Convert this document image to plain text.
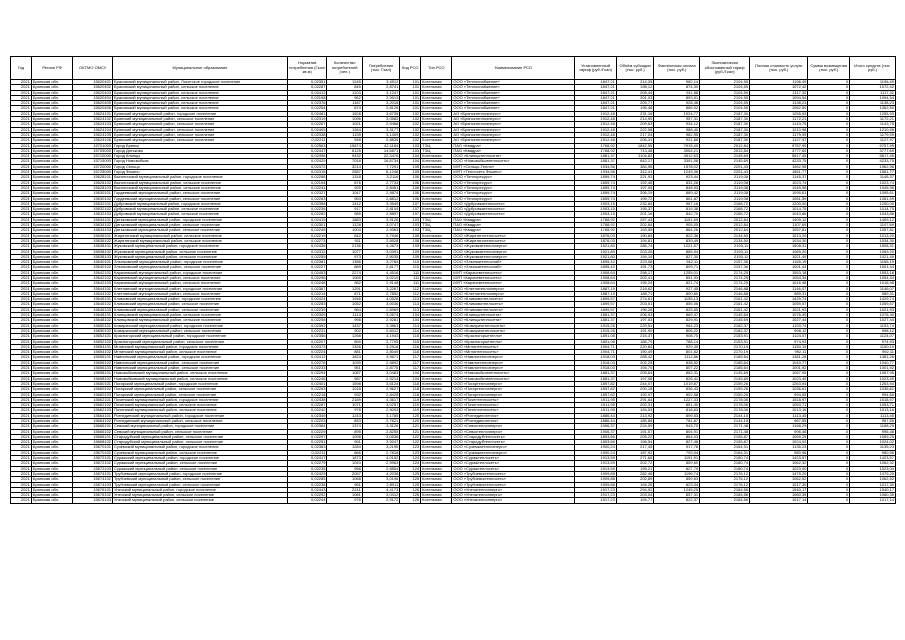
Год	Регион РФ	ОКТМО ОМСУ	Муниципальное образование	Норматив потребления (Гкал/кв.м)	Количество потребителей (чел.)	Потребление (тыс. Гкал)	Код РСО	Тип РСО	Наименование РСО	Установленный тариф (руб./Гкал)	Объём субсидии (тыс. руб.)	Фактическая оплата (тыс. руб.)	Экономически обоснованный тариф (руб./Гкал)	Полная стоимость услуги (тыс. руб.)	Сумма возмещения (тыс. руб.)	Итого средств (тыс. руб.)
2021	Брянская обл.	15620401	Брасовский муниципальный район, Локотское городское поселение	0,02351	1245	3,4512	101	Котельная	ООО «Теплоснабжение»	1847,21	214,35	982,14	2104,55	1196,49	0	1196,49
2021	Брянская обл.	15620402	Брасовский муниципальный район, сельское поселение	0,02287	845	2,8741	101	Котельная	ООО «Теплоснабжение»	1847,21	198,12	874,30	2104,55	1072,42	0	1072,42
2021	Брянская обл.	15620403	Брасовский муниципальный район, сельское поселение	0,02412	1103	3,1247	101	Котельная	ООО «Теплоснабжение»	1847,21	205,44	911,88	2104,55	1117,32	0	1117,32
2021	Брянская обл.	15620404	Брасовский муниципальный район, сельское поселение	0,02198	962	2,9913	101	Котельная	ООО «Теплоснабжение»	1847,21	201,03	893,51	2104,55	1094,54	0	1094,54
2021	Брянская обл.	15620405	Брасовский муниципальный район, сельское поселение	0,02376	1187	3,2018	101	Котельная	ООО «Теплоснабжение»	1847,21	209,77	928,46	2104,55	1138,23	0	1138,23
2021	Брянская обл.	15620406	Брасовский муниципальный район, сельское поселение	0,02254	874	2,8126	101	Котельная	ООО «Теплоснабжение»	1847,21	196,48	866,02	2104,55	1062,50	0	1062,50
2021	Брянская обл.	15624101	Брянский муниципальный район, городское поселение	0,02481	1528	3,6735	102	Котельная	АО «Брянсктеплоэнерго»	1912,48	231,16	1024,77	2187,30	1255,93	0	1255,93
2021	Брянская обл.	15624102	Брянский муниципальный район, сельское поселение	0,02319	1096	3,0582	102	Котельная	АО «Брянсктеплоэнерго»	1912,48	214,90	957,31	2187,30	1172,21	0	1172,21
2021	Брянская обл.	15624103	Брянский муниципальный район, сельское поселение	0,02267	1021	2,9468	102	Котельная	АО «Брянсктеплоэнерго»	1912,48	209,63	934,12	2187,30	1143,75	0	1143,75
2021	Брянская обл.	15624104	Брянский муниципальный район, сельское поселение	0,02405	1264	3,3177	102	Котельная	АО «Брянсктеплоэнерго»	1912,48	222,58	988,40	2187,30	1210,98	0	1210,98
2021	Брянская обл.	15624105	Брянский муниципальный район, сельское поселение	0,02338	1139	3,1409	102	Котельная	АО «Брянсктеплоэнерго»	1912,48	217,04	962,95	2187,30	1179,99	0	1179,99
2021	Брянская обл.	15624106	Брянский муниципальный район, сельское поселение	0,02211	948	2,8835	102	Котельная	АО «Брянсктеплоэнерго»	1912,48	206,31	921,66	2187,30	1127,97	0	1127,97
2021	Брянская обл.	15701000	Город Брянск	0,02563	15874	42,1184	103	ТЭЦ	ПАО «Квадра»	1768,92	1842,55	7915,40	2012,84	9757,95	0	9757,95
2021	Брянская обл.	15705000	Город Дятьково	0,02447	6125	14,5871	103	ТЭЦ	ПАО «Квадра»	1768,92	713,48	3064,21	2012,84	3777,69	0	3777,69
2021	Брянская обл.	15710000	Город Клинцы	0,02496	9432	22,3476	104	Котельная	ООО «Клинцытеплосети»	1881,37	1104,82	4512,63	2145,69	5617,45	0	5617,45
2021	Брянская обл.	15715000	Город Новозыбков	0,02429	7018	16,8734	104	Котельная	ООО «Новозыбковтеплосеть»	1881,37	842,17	3391,58	2145,69	4233,75	0	4233,75
2021	Брянская обл.	15720000	Город Сельцо	0,02372	3214	7,7291	105	Котельная	МУП «Сельцо-Тепло»	1934,56	384,96	1578,02	2201,43	1962,98	0	1962,98
2021	Брянская обл.	15725000	Город Фокино	0,02315	2587	6,1248	105	Котельная	МУП «Теплосеть Фокино»	1934,56	312,41	1249,36	2201,43	1561,77	0	1561,77
2021	Брянская обл.	15628101	Выгоничский муниципальный район, городское поселение	0,02288	1318	3,2116	106	Котельная	ООО «Теплоресурс»	1859,74	221,93	923,44	2119,08	1145,37	0	1145,37
2021	Брянская обл.	15628102	Выгоничский муниципальный район, сельское поселение	0,02194	876	2,7733	106	Котельная	ООО «Теплоресурс»	1859,74	192,48	831,26	2119,08	1023,74	0	1023,74
2021	Брянская обл.	15628103	Выгоничский муниципальный район, сельское поселение	0,02241	925	2,8451	106	Котельная	ООО «Теплоресурс»	1859,74	197,05	848,93	2119,08	1045,98	0	1045,98
2021	Брянская обл.	15630101	Гордеевский муниципальный район, сельское поселение	0,02327	1047	2,9874	106	Котельная	ООО «Теплоресурс»	1859,74	206,19	889,42	2119,08	1095,61	0	1095,61
2021	Брянская обл.	15630102	Гордеевский муниципальный район, сельское поселение	0,02263	963	2,8812	106	Котельная	ООО «Теплоресурс»	1859,74	199,72	861,87	2119,08	1061,59	0	1061,59
2021	Брянская обл.	15632101	Дубровский муниципальный район, городское поселение	0,02398	1412	3,3549	107	Котельная	ООО «Дубровкатеплосеть»	1903,15	232,84	967,16	2168,72	1200,00	0	1200,00
2021	Брянская обл.	15632102	Дубровский муниципальный район, сельское поселение	0,02236	917	2,8104	107	Котельная	ООО «Дубровкатеплосеть»	1903,15	195,37	819,38	2168,72	1014,75	0	1014,75
2021	Брянская обл.	15632103	Дубровский муниципальный район, сельское поселение	0,02282	985	2,8897	107	Котельная	ООО «Дубровкатеплосеть»	1903,15	201,16	842,70	2168,72	1043,86	0	1043,86
2021	Брянская обл.	15634101	Дятьковский муниципальный район, городское поселение	0,02419	1883	3,9126	103	ТЭЦ	ПАО «Квадра»	1768,92	257,43	1151,69	2012,84	1409,12	0	1409,12
2021	Брянская обл.	15634102	Дятьковский муниципальный район, сельское поселение	0,02301	1128	3,0747	103	ТЭЦ	ПАО «Квадра»	1768,92	202,64	905,05	2012,84	1107,69	0	1107,69
2021	Брянская обл.	15634103	Дятьковский муниципальный район, сельское поселение	0,02245	1004	2,9363	103	ТЭЦ	ПАО «Квадра»	1768,92	193,55	864,26	2012,84	1057,81	0	1057,81
2021	Брянская обл.	15636101	Жирятинский муниципальный район, сельское поселение	0,02219	842	2,7946	108	Котельная	ООО «Жирятинотеплосеть»	1876,03	190,84	822,36	2134,50	1013,20	0	1013,20
2021	Брянская обл.	15636102	Жирятинский муниципальный район, сельское поселение	0,02273	911	2,8528	108	Котельная	ООО «Жирятинотеплосеть»	1876,03	194,81	839,49	2134,50	1034,30	0	1034,30
2021	Брянская обл.	15638101	Жуковский муниципальный район, городское поселение	0,02436	2136	4,2873	109	Котельная	ООО «Жуковкатеплоэнерго»	1921,80	286,74	1221,57	2193,11	1508,31	0	1508,31
2021	Брянская обл.	15638102	Жуковский муниципальный район, сельское поселение	0,02312	1077	3,0391	109	Котельная	ООО «Жуковкатеплоэнерго»	1921,80	203,26	865,94	2193,11	1069,20	0	1069,20
2021	Брянская обл.	15638103	Жуковский муниципальный район, сельское поселение	0,02259	973	2,9035	109	Котельная	ООО «Жуковкатеплоэнерго»	1921,80	194,19	827,30	2193,11	1021,49	0	1021,49
2021	Брянская обл.	15640101	Злынковский муниципальный район, городское поселение	0,02381	1356	3,2784	110	Котельная	ООО «Злынкатеплоснаб»	1895,42	223,08	942,11	2157,36	1165,19	0	1165,19
2021	Брянская обл.	15640102	Злынковский муниципальный район, сельское поселение	0,02227	889	2,8177	110	Котельная	ООО «Злынкатеплоснаб»	1895,42	191,73	809,71	2157,36	1001,44	0	1001,44
2021	Брянская обл.	15642101	Карачевский муниципальный район, городское поселение	0,02453	2274	4,4516	111	Котельная	МУП «Карачевтеплосеть»	1908,64	298,17	1255,01	2174,25	1553,18	0	1553,18
2021	Брянская обл.	15642102	Карачевский муниципальный район, сельское поселение	0,02296	1065	3,0219	111	Котельная	МУП «Карачевтеплосеть»	1908,64	202,41	851,93	2174,25	1054,34	0	1054,34
2021	Брянская обл.	15642103	Карачевский муниципальный район, сельское поселение	0,02248	982	2,9148	111	Котельная	МУП «Карачевтеплосеть»	1908,64	195,24	821,74	2174,25	1016,98	0	1016,98
2021	Брянская обл.	15644101	Клетнянский муниципальный район, городское поселение	0,02367	1291	3,2267	112	Котельная	ООО «Клетнятеплоэнерго»	1887,19	218,62	927,45	2146,88	1146,07	0	1146,07
2021	Брянская обл.	15644102	Клетнянский муниципальный район, сельское поселение	0,02214	871	2,7852	112	Котельная	ООО «Клетнятеплоэнерго»	1887,19	188,71	800,60	2146,88	989,31	0	989,31
2021	Брянская обл.	15646101	Климовский муниципальный район, городское поселение	0,02424	1946	4,0528	113	Котельная	ООО «Климовотеплосеть»	1899,57	274,61	1155,13	2161,42	1429,74	0	1429,74
2021	Брянская обл.	15646102	Климовский муниципальный район, сельское поселение	0,02283	1052	3,0036	113	Котельная	ООО «Климовотеплосеть»	1899,57	203,51	856,06	2161,42	1059,57	0	1059,57
2021	Брянская обл.	15646103	Климовский муниципальный район, сельское поселение	0,02239	964	2,8969	113	Котельная	ООО «Климовотеплосеть»	1899,57	196,28	825,65	2161,42	1021,93	0	1021,93
2021	Брянская обл.	15648101	Клинцовский муниципальный район, сельское поселение	0,02305	1114	3,0674	104	Котельная	ООО «Клинцытеплосети»	1881,37	206,93	869,37	2145,69	1076,30	0	1076,30
2021	Брянская обл.	15648102	Клинцовский муниципальный район, сельское поселение	0,02258	998	2,9281	104	Котельная	ООО «Клинцытеплосети»	1881,37	197,53	829,91	2145,69	1027,44	0	1027,44
2021	Брянская обл.	15650101	Комаричский муниципальный район, городское поселение	0,02392	1437	3,3861	114	Котельная	ООО «Комаричитеплосеть»	1915,26	229,51	964,23	2182,37	1193,74	0	1193,74
2021	Брянская обл.	15650102	Комаричский муниципальный район, сельское поселение	0,02231	902	2,8312	114	Котельная	ООО «Комаричитеплосеть»	1915,26	191,90	806,22	2182,37	998,12	0	998,12
2021	Брянская обл.	15652101	Красногорский муниципальный район, городское поселение	0,02356	1268	3,1943	115	Котельная	ООО «Красногорьетепло»	1891,08	215,37	908,70	2153,91	1124,07	0	1124,07
2021	Брянская обл.	15652102	Красногорский муниципальный район, сельское поселение	0,02207	859	2,7705	115	Котельная	ООО «Красногорьетепло»	1891,08	186,79	788,14	2153,91	974,93	0	974,93
2021	Брянская обл.	15654101	Мглинский муниципальный район, городское поселение	0,02373	1326	3,2518	116	Котельная	ООО «Мглинтеплосеть»	1904,71	220,84	929,35	2170,19	1150,19	0	1150,19
2021	Брянская обл.	15654102	Мглинский муниципальный район, сельское поселение	0,02224	881	2,8049	116	Котельная	ООО «Мглинтеплосеть»	1904,71	190,49	801,62	2170,19	992,11	0	992,11
2021	Брянская обл.	15656101	Навлинский муниципальный район, городское поселение	0,02412	1824	3,9671	117	Котельная	ООО «Навлятеплоэнерго»	1918,03	268,42	1112,86	2185,64	1381,28	0	1381,28
2021	Брянская обл.	15656102	Навлинский муниципальный район, сельское поселение	0,02276	1039	2,9892	117	Котельная	ООО «Навлятеплоэнерго»	1918,03	202,25	838,52	2185,64	1040,77	0	1040,77
2021	Брянская обл.	15656103	Навлинский муниципальный район, сельское поселение	0,02233	951	2,8776	117	Котельная	ООО «Навлятеплоэнерго»	1918,03	194,70	807,22	2185,64	1001,92	0	1001,92
2021	Брянская обл.	15658101	Новозыбковский муниципальный район, сельское поселение	0,02294	1087	3,0483	104	Котельная	ООО «Новозыбковтеплосеть»	1881,37	205,64	862,31	2145,69	1067,95	0	1067,95
2021	Брянская обл.	15658102	Новозыбковский муниципальный район, сельское поселение	0,02246	987	2,9214	104	Котельная	ООО «Новозыбковтеплосеть»	1881,37	197,08	826,41	2145,69	1023,49	0	1023,49
2021	Брянская обл.	15660101	Погарский муниципальный район, городское поселение	0,02401	1598	3,6124	118	Котельная	ООО «Погартеплоэнерго»	1897,82	244,07	1019,87	2159,26	1263,94	0	1263,94
2021	Брянская обл.	15660102	Погарский муниципальный район, сельское поселение	0,02263	1018	2,9627	118	Котельная	ООО «Погартеплоэнерго»	1897,82	200,18	836,43	2159,26	1036,61	0	1036,61
2021	Брянская обл.	15660103	Погарский муниципальный район, сельское поселение	0,02218	932	2,8428	118	Котельная	ООО «Погартеплоэнерго»	1897,82	192,07	802,58	2159,26	994,65	0	994,65
2021	Брянская обл.	15662101	Почепский муниципальный район, городское поселение	0,02438	2189	4,3617	119	Котельная	ООО «Почептеплосеть»	1911,95	291,64	1227,33	2178,06	1518,97	0	1518,97
2021	Брянская обл.	15662102	Почепский муниципальный район, сельское поселение	0,02287	1071	3,0257	119	Котельная	ООО «Почептеплосеть»	1911,95	202,31	851,40	2178,06	1053,71	0	1053,71
2021	Брянская обл.	15662103	Почепский муниципальный район, сельское поселение	0,02242	978	2,9093	119	Котельная	ООО «Почептеплосеть»	1911,95	194,53	818,63	2178,06	1013,16	0	1013,16
2021	Брянская обл.	15664101	Рогнединский муниципальный район, городское поселение	0,02349	1243	3,1785	120	Котельная	ООО «Рогнединотепло»	1886,44	213,92	899,53	2144,15	1113,45	0	1113,45
2021	Брянская обл.	15664102	Рогнединский муниципальный район, сельское поселение	0,02203	853	2,7621	120	Котельная	ООО «Рогнединотепло»	1886,44	185,88	781,67	2144,15	967,55	0	967,55
2021	Брянская обл.	15666101	Севский муниципальный район, городское поселение	0,02384	1374	3,3126	121	Котельная	ООО «Севсктеплоэнерго»	1906,37	224,59	943,70	2171,48	1168,29	0	1168,29
2021	Брянская обл.	15666102	Севский муниципальный район, сельское поселение	0,02229	895	2,8255	121	Котельная	ООО «Севсктеплоэнерго»	1906,37	191,57	804,91	2171,48	996,48	0	996,48
2021	Брянская обл.	15668101	Стародубский муниципальный район, сельское поселение	0,02297	1098	3,0538	122	Котельная	ООО «Стародубтеплосеть»	1893,66	205,22	864,03	2155,87	1069,25	0	1069,25
2021	Брянская обл.	15668102	Стародубский муниципальный район, сельское поселение	0,02251	991	2,9247	122	Котельная	ООО «Стародубтеплосеть»	1893,66	196,54	827,48	2155,87	1024,02	0	1024,02
2021	Брянская обл.	15670101	Суземский муниципальный район, городское поселение	0,02363	1284	3,2196	123	Котельная	ООО «Суземкатеплоэнерго»	1900,24	217,45	917,78	2164,31	1135,23	0	1135,23
2021	Брянская обл.	15670102	Суземский муниципальный район, сельское поселение	0,02211	866	2,7818	123	Котельная	ООО «Суземкатеплоэнерго»	1900,24	187,92	793,04	2164,31	980,96	0	980,96
2021	Брянская обл.	15672101	Суражский муниципальный район, городское поселение	0,02417	1873	4,0152	124	Котельная	ООО «Суражтеплосеть»	1913,59	271,66	1151,91	2180,74	1423,57	0	1423,57
2021	Брянская обл.	15672102	Суражский муниципальный район, сельское поселение	0,02279	1043	2,9963	124	Котельная	ООО «Суражтеплосеть»	1913,59	202,72	859,60	2180,74	1062,32	0	1062,32
2021	Брянская обл.	15672103	Суражский муниципальный район, сельское поселение	0,02235	958	2,8854	124	Котельная	ООО «Суражтеплосеть»	1913,59	195,21	827,79	2180,74	1023,00	0	1023,00
2021	Брянская обл.	15674101	Трубчевский муниципальный район, городское поселение	0,02429	2057	4,2038	125	Котельная	ООО «Трубчевсктеплосеть»	1909,88	282,46	1196,74	2176,12	1479,20	0	1479,20
2021	Брянская обл.	15674102	Трубчевский муниципальный район, сельское поселение	0,02285	1068	3,0196	125	Котельная	ООО «Трубчевсктеплосеть»	1909,88	202,89	859,63	2176,12	1062,52	0	1062,52
2021	Брянская обл.	15674103	Трубчевский муниципальный район, сельское поселение	0,02238	961	2,8911	125	Котельная	ООО «Трубчевсктеплосеть»	1909,88	194,26	823,04	2176,12	1017,30	0	1017,30
2021	Брянская обл.	15676101	Унечский муниципальный район, городское поселение	0,02443	2241	4,4173	126	Котельная	ООО «Унечатеплоэнерго»	1917,23	294,92	1245,25	2184,56	1540,17	0	1540,17
2021	Брянская обл.	15676102	Унечский муниципальный район, сельское поселение	0,02292	1081	3,0412	126	Котельная	ООО «Унечатеплоэнерго»	1917,23	203,04	857,31	2184,56	1060,35	0	1060,35
2021	Брянская обл.	15676103	Унечский муниципальный район, сельское поселение	0,02244	976	2,9172	126	Котельная	ООО «Унечатеплоэнерго»	1917,23	194,77	822,37	2184,56	1017,14	0	1017,14
